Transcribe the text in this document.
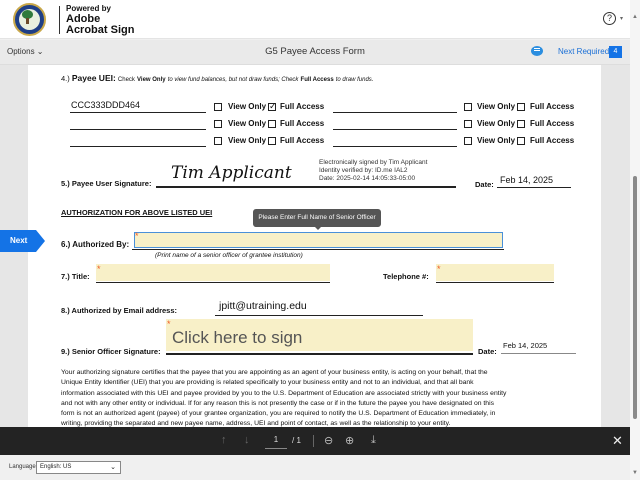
Powered by
Adobe
Acrobat Sign
?	▾
Options ⌄	G5 Payee Access Form	Next Required 4
4.) Payee UEI: Check View Only to view fund balances, but not draw funds; Check Full Access to draw funds.
CCC333DDD464	View Only ✓ Full Access	View Only Full Access
View Only Full Access	View Only Full Access
View Only Full Access	View Only Full Access
5.) Payee User Signature:
Tim Applicant
Electronically signed by Tim Applicant
Identity verified by: ID.me IAL2
Date: 2025-02-14 14:05:33-05:00
Date: Feb 14, 2025
AUTHORIZATION FOR ABOVE LISTED UEI
6.) Authorized By:
*
(Print name of a senior officer of grantee institution)
7.) Title:
*
Telephone #:
*
8.) Authorized by Email address:	jpitt@utraining.edu
9.) Senior Officer Signature:
Click here to sign
*
Date:
Feb 14, 2025
Your authorizing signature certifies that the payee that you are appointing as an agent of your business entity, is acting on your behalf, that the
Unique Entity Identifier (UEI) that you are providing is related specifically to your business entity and not to an individual, and that all bank
information associated with this UEI and payee provided by you to the U.S. Department of Education are associated strictly with your business entity
and not with any other entity or individual. If for any reason this is not presently the case or if in the future the payee you have designated on this
form is not an authorized agent (payee) of your grantee organization, you are required to notify the U.S. Department of Education immediately, in
writing, providing the separated and new payee name, address, UEI and point of contact, as well as the relationship to your entity.
Please Enter Full Name of Senior Officer
Next
▲
▼
↑ ↓	1	/ 1 ⊖ ⊕ ⤓	✕
Language English: US	⌄
